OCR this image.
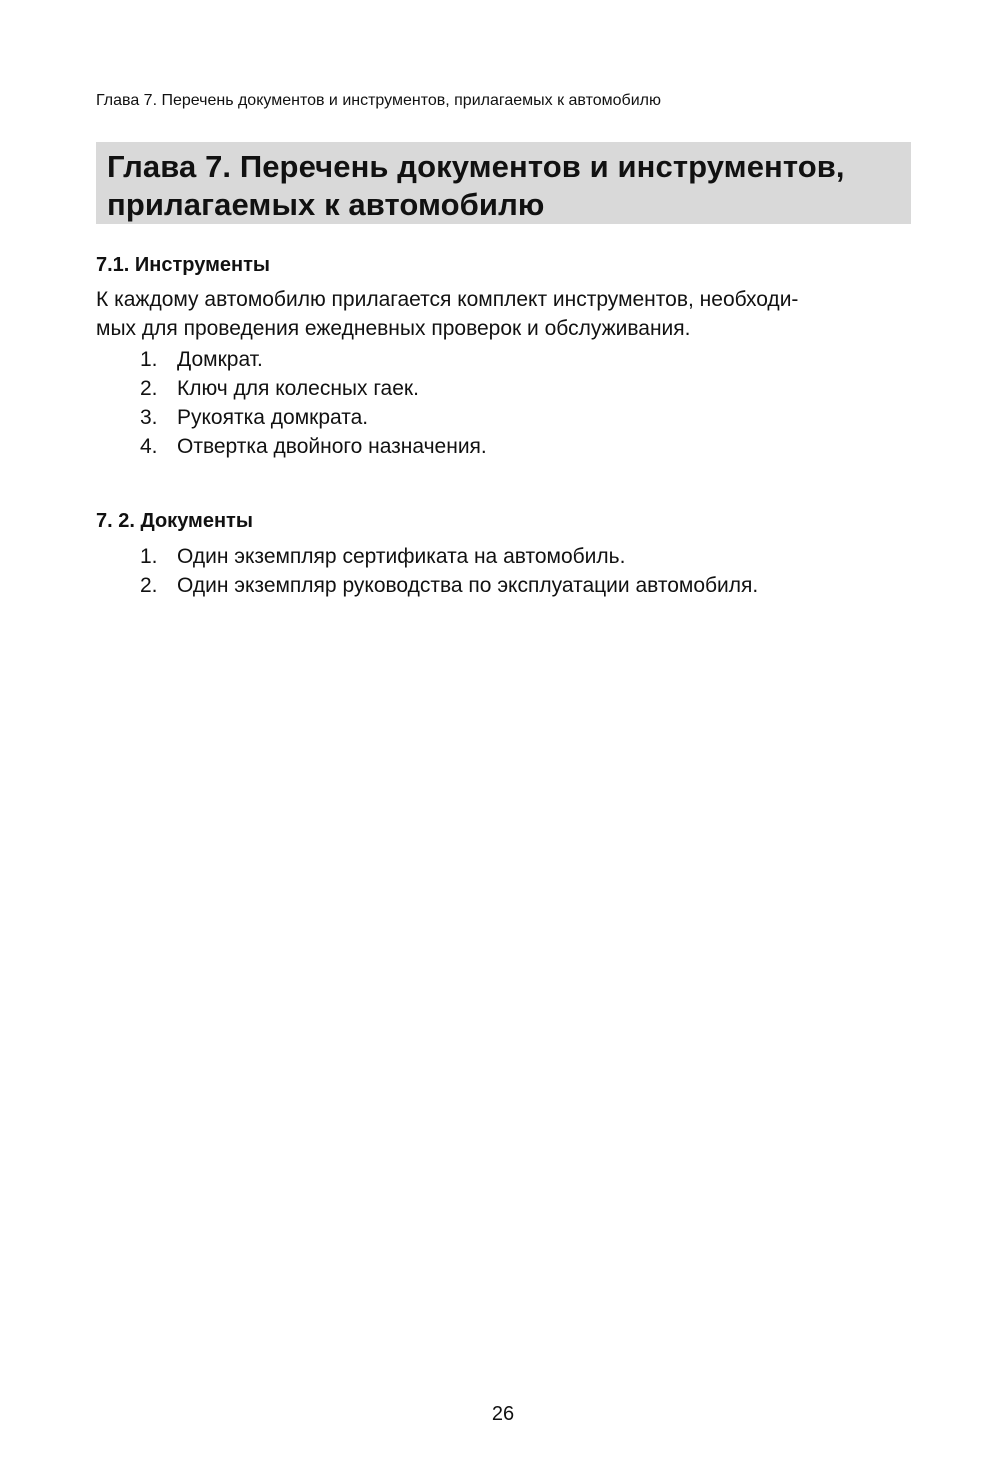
Глава 7. Перечень документов и инструментов, прилагаемых к автомобилю
Глава 7. Перечень документов и инструментов,
прилагаемых к автомобилю
7.1. Инструменты

К каждому автомобилю прилагается комплект инструментов, необходи-
мых для проведения ежедневных проверок и обслуживания.

1. Домкрат.
2. Ключ для колесных гаек.
3. Рукоятка домкрата.
4. Отвертка двойного назначения.
7. 2. Документы
1. Один экземпляр сертификата на автомобиль.
2. Один экземпляр руководства по эксплуатации автомобиля.
26
